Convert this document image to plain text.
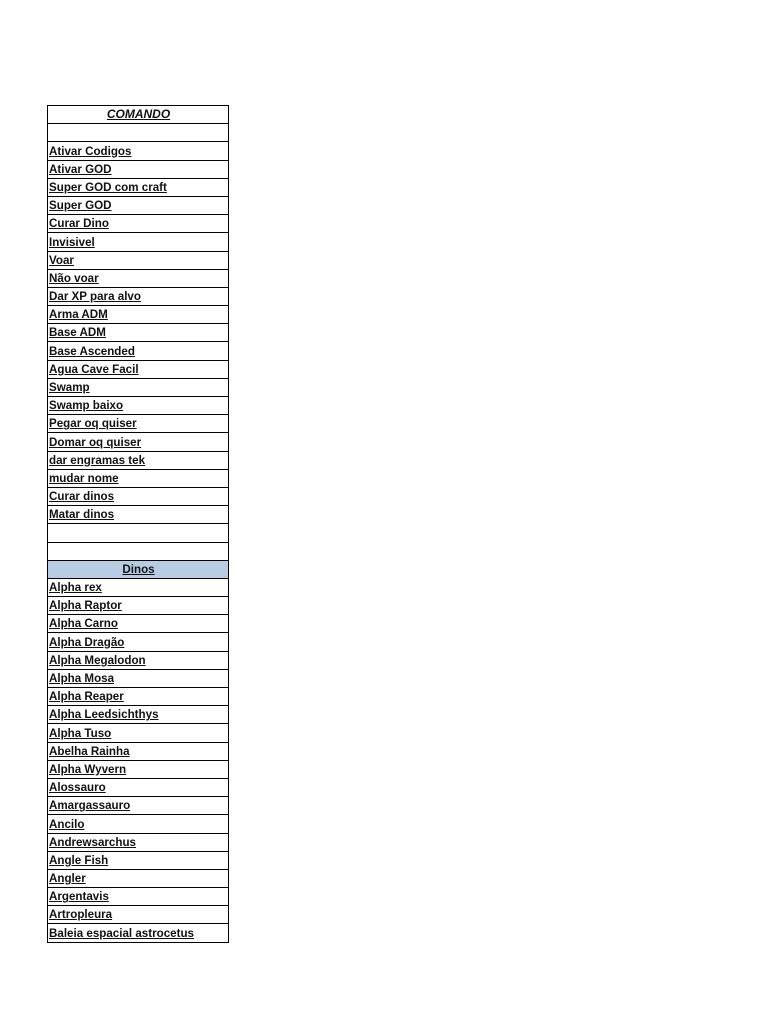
COMANDO

Ativar Codigos
Ativar GOD
Super GOD com craft
Super GOD
Curar Dino
Invisivel
Voar
Não voar
Dar XP para alvo
Arma ADM
Base ADM
Base Ascended
Agua Cave Facil
Swamp
Swamp baixo
Pegar oq quiser
Domar oq quiser
dar engramas tek
mudar nome
Curar dinos
Matar dinos

Dinos
Alpha rex
Alpha Raptor
Alpha Carno
Alpha Dragão
Alpha Megalodon
Alpha Mosa
Alpha Reaper
Alpha Leedsichthys
Alpha Tuso
Abelha Rainha
Alpha Wyvern
Alossauro
Amargassauro
Ancilo
Andrewsarchus
Angle Fish
Angler
Argentavis
Artropleura
Baleia espacial astrocetus
